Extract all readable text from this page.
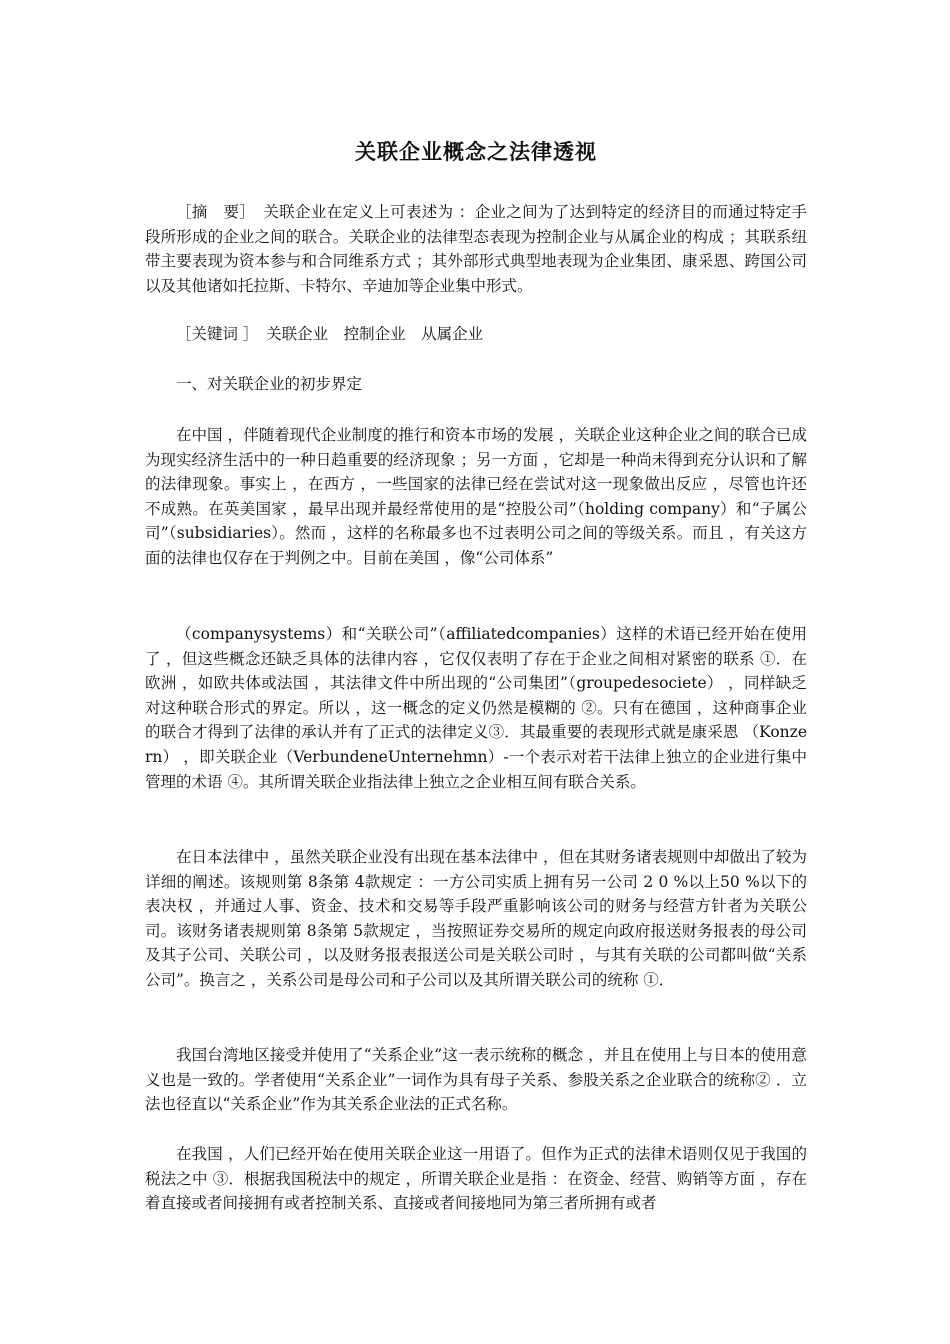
关联企业概念之法律透视

［摘　要］　关联企业在定义上可表述为 ：企业之间为了达到特定的经济目的而通过特定手段所形成的企业之间的联合。关联企业的法律型态表现为控制企业与从属企业的构成 ；其联系纽带主要表现为资本参与和合同维系方式 ；其外部形式典型地表现为企业集团、康采恩、跨国公司以及其他诸如托拉斯、卡特尔、辛迪加等企业集中形式。

［关键词 ］　关联企业　控制企业　从属企业

一、对关联企业的初步界定

在中国 ，伴随着现代企业制度的推行和资本市场的发展 ，关联企业这种企业之间的联合已成为现实经济生活中的一种日趋重要的经济现象 ；另一方面 ，它却是一种尚未得到充分认识和了解的法律现象。事实上 ，在西方 ，一些国家的法律已经在尝试对这一现象做出反应 ，尽管也许还不成熟。在英美国家 ，最早出现并最经常使用的是“控股公司”（holding company）和“子属公司”（subsidiaries）。然而 ，这样的名称最多也不过表明公司之间的等级关系。而且 ，有关这方面的法律也仅存在于判例之中。目前在美国 ，像“公司体系”

（companysystems）和“关联公司”（affiliatedcompanies）这样的术语已经开始在使用了 ，但这些概念还缺乏具体的法律内容 ，它仅仅表明了存在于企业之间相对紧密的联系 ①．在欧洲 ，如欧共体或法国 ，其法律文件中所出现的“公司集团”（groupedesociete） ，同样缺乏对这种联合形式的界定。所以 ，这一概念的定义仍然是模糊的 ②。只有在德国 ，这种商事企业的联合才得到了法律的承认并有了正式的法律定义③．其最重要的表现形式就是康采恩 （Konzern） ，即关联企业（VerbundeneUnternehmn）-一个表示对若干法律上独立的企业进行集中管理的术语 ④。其所谓关联企业指法律上独立之企业相互间有联合关系。

在日本法律中 ，虽然关联企业没有出现在基本法律中 ，但在其财务诸表规则中却做出了较为详细的阐述。该规则第 8条第 4款规定 ：一方公司实质上拥有另一公司 2 0 %以上50 %以下的表决权 ，并通过人事、资金、技术和交易等手段严重影响该公司的财务与经营方针者为关联公司。该财务诸表规则第 8条第 5款规定 ，当按照证券交易所的规定向政府报送财务报表的母公司及其子公司、关联公司 ，以及财务报表报送公司是关联公司时 ，与其有关联的公司都叫做“关系公司”。换言之 ，关系公司是母公司和子公司以及其所谓关联公司的统称 ①．

我国台湾地区接受并使用了“关系企业”这一表示统称的概念 ，并且在使用上与日本的使用意义也是一致的。学者使用“关系企业”一词作为具有母子关系、参股关系之企业联合的统称② ．立法也径直以“关系企业”作为其关系企业法的正式名称。

在我国 ，人们已经开始在使用关联企业这一用语了。但作为正式的法律术语则仅见于我国的税法之中 ③．根据我国税法中的规定 ，所谓关联企业是指 ：在资金、经营、购销等方面 ，存在着直接或者间接拥有或者控制关系、直接或者间接地同为第三者所拥有或者
